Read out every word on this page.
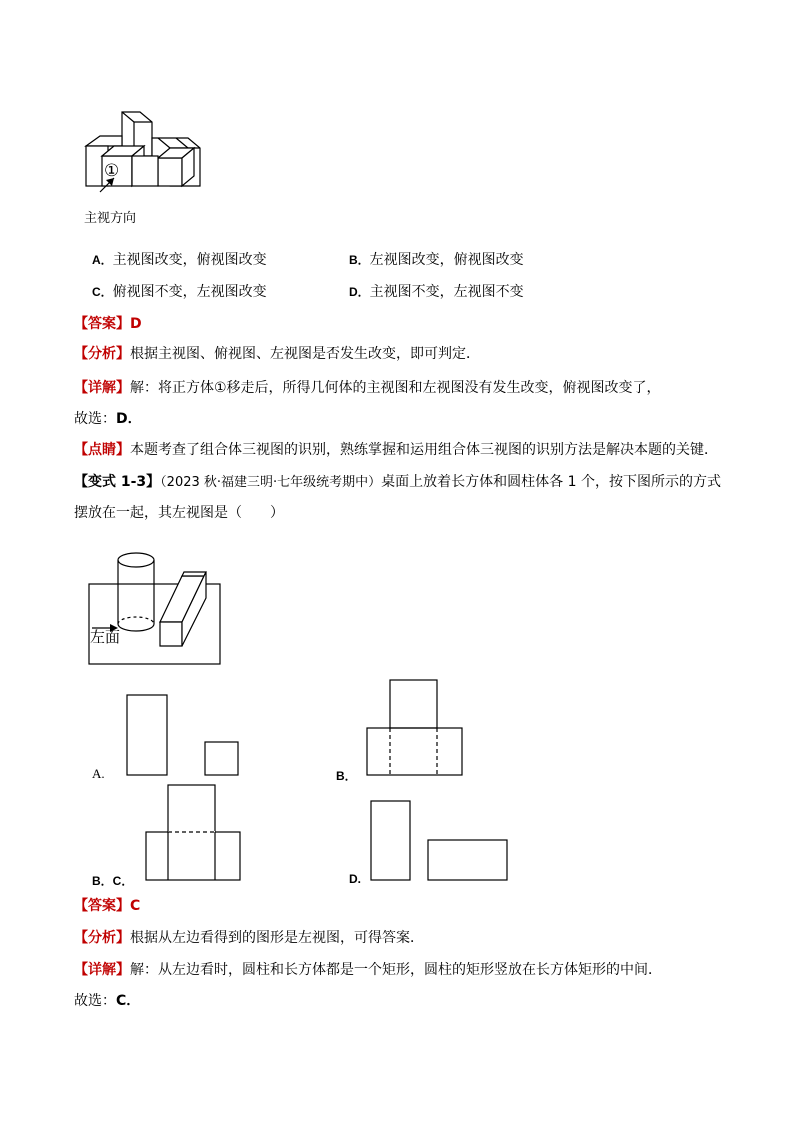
①
主视方向
A．主视图改变，俯视图改变	B．左视图改变，俯视图改变
C．俯视图不变，左视图改变	D．主视图不变，左视图不变
【答案】D
【分析】根据主视图、俯视图、左视图是否发生改变，即可判定．
【详解】解：将正方体①移走后，所得几何体的主视图和左视图没有发生改变，俯视图改变了，
故选：D．
【点睛】本题考查了组合体三视图的识别，熟练掌握和运用组合体三视图的识别方法是解决本题的关键．
【变式 1-3】（2023 秋·福建三明·七年级统考期中）桌面上放着长方体和圆柱体各 1 个，按下图所示的方式
摆放在一起，其左视图是（　　）
左面
A.	B．
B．C．	D.
【答案】C
【分析】根据从左边看得到的图形是左视图，可得答案．
【详解】解：从左边看时，圆柱和长方体都是一个矩形，圆柱的矩形竖放在长方体矩形的中间．
故选：C．
